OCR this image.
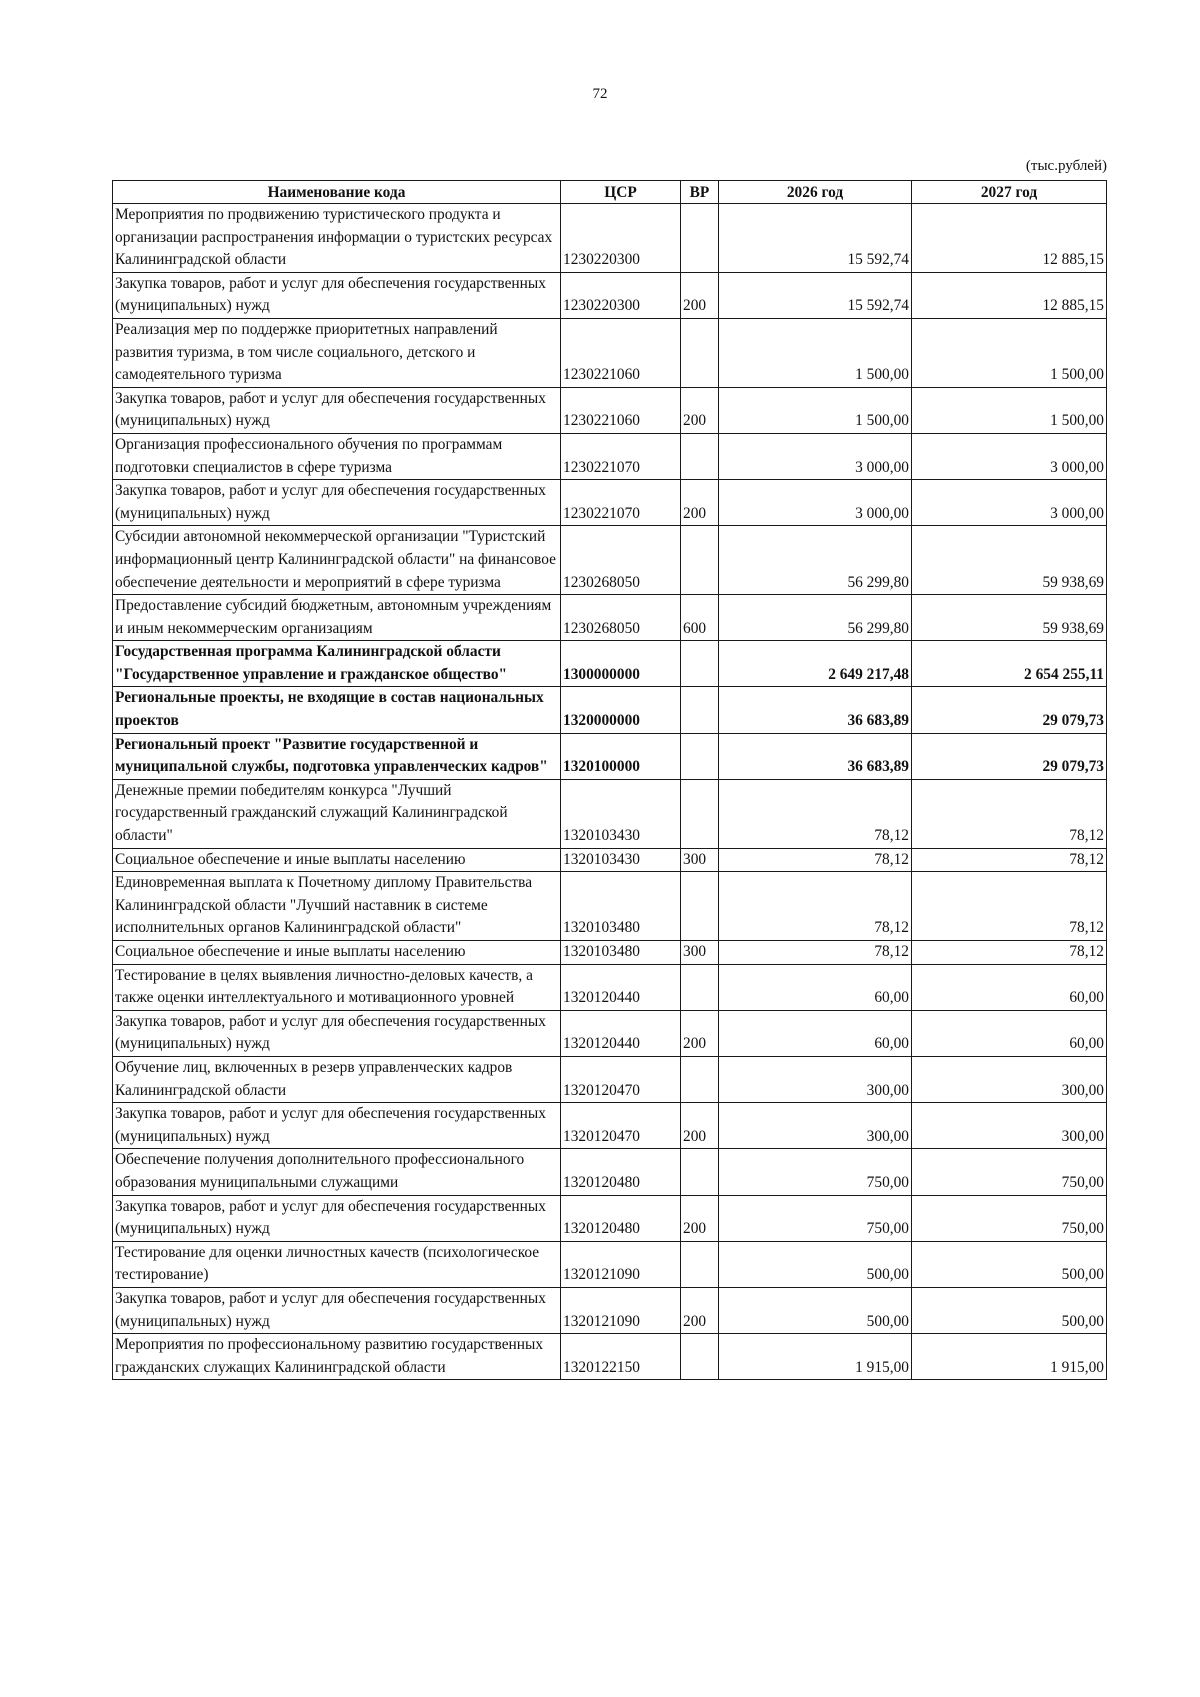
72
(тыс.рублей)
Наименование кода	ЦСР	ВР	2026 год	2027 год
Мероприятия по продвижению туристического продукта и организации распространения информации о туристских ресурсах Калининградской области	1230220300		15 592,74	12 885,15
Закупка товаров, работ и услуг для обеспечения государственных (муниципальных) нужд	1230220300	200	15 592,74	12 885,15
Реализация мер по поддержке приоритетных направлений развития туризма, в том числе социального, детского и самодеятельного туризма	1230221060		1 500,00	1 500,00
Закупка товаров, работ и услуг для обеспечения государственных (муниципальных) нужд	1230221060	200	1 500,00	1 500,00
Организация профессионального обучения по программам подготовки специалистов в сфере туризма	1230221070		3 000,00	3 000,00
Закупка товаров, работ и услуг для обеспечения государственных (муниципальных) нужд	1230221070	200	3 000,00	3 000,00
Субсидии автономной некоммерческой организации "Туристский информационный центр Калининградской области" на финансовое обеспечение деятельности и мероприятий в сфере туризма	1230268050		56 299,80	59 938,69
Предоставление субсидий бюджетным, автономным учреждениям и иным некоммерческим организациям	1230268050	600	56 299,80	59 938,69
Государственная программа Калининградской области "Государственное управление и гражданское общество"	1300000000		2 649 217,48	2 654 255,11
Региональные проекты, не входящие в состав национальных проектов	1320000000		36 683,89	29 079,73
Региональный проект "Развитие государственной и муниципальной службы, подготовка управленческих кадров"	1320100000		36 683,89	29 079,73
Денежные премии победителям конкурса "Лучший государственный гражданский служащий Калининградской области"	1320103430		78,12	78,12
Социальное обеспечение и иные выплаты населению	1320103430	300	78,12	78,12
Единовременная выплата к Почетному диплому Правительства Калининградской области "Лучший наставник в системе исполнительных органов Калининградской области"	1320103480		78,12	78,12
Социальное обеспечение и иные выплаты населению	1320103480	300	78,12	78,12
Тестирование в целях выявления личностно-деловых качеств, а также оценки интеллектуального и мотивационного уровней	1320120440		60,00	60,00
Закупка товаров, работ и услуг для обеспечения государственных (муниципальных) нужд	1320120440	200	60,00	60,00
Обучение лиц, включенных в резерв управленческих кадров Калининградской области	1320120470		300,00	300,00
Закупка товаров, работ и услуг для обеспечения государственных (муниципальных) нужд	1320120470	200	300,00	300,00
Обеспечение получения дополнительного профессионального образования муниципальными служащими	1320120480		750,00	750,00
Закупка товаров, работ и услуг для обеспечения государственных (муниципальных) нужд	1320120480	200	750,00	750,00
Тестирование для оценки личностных качеств (психологическое тестирование)	1320121090		500,00	500,00
Закупка товаров, работ и услуг для обеспечения государственных (муниципальных) нужд	1320121090	200	500,00	500,00
Мероприятия по профессиональному развитию государственных гражданских служащих Калининградской области	1320122150		1 915,00	1 915,00
